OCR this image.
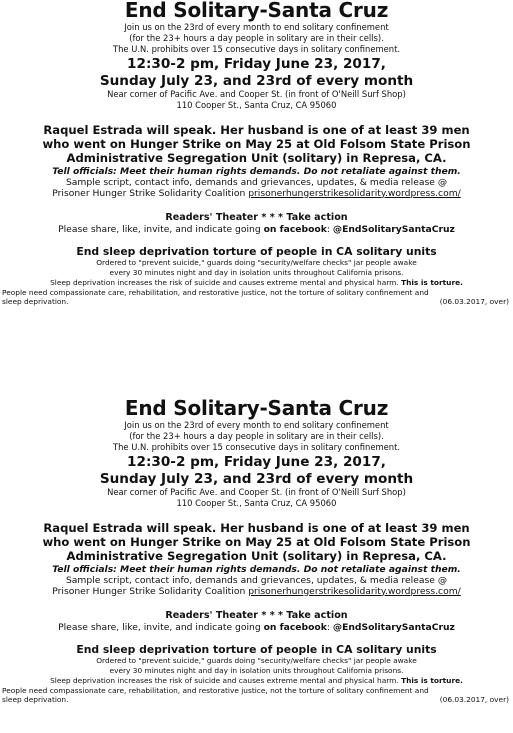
End Solitary-Santa Cruz

Join us on the 23rd of every month to end solitary confinement

(for the 23+ hours a day people in solitary are in their cells).

The U.N. prohibits over 15 consecutive days in solitary confinement.

12:30-2 pm, Friday June 23, 2017,

Sunday July 23, and 23rd of every month

Near corner of Pacific Ave. and Cooper St. (in front of O'Neill Surf Shop)

110 Cooper St., Santa Cruz, CA 95060

Raquel Estrada will speak. Her husband is one of at least 39 men

who went on Hunger Strike on May 25 at Old Folsom State Prison

Administrative Segregation Unit (solitary) in Represa, CA.

Tell officials: Meet their human rights demands. Do not retaliate against them.

Sample script, contact info, demands and grievances, updates, & media release @

Prisoner Hunger Strike Solidarity Coalition prisonerhungerstrikesolidarity.wordpress.com/

Readers' Theater * * * Take action

Please share, like, invite, and indicate going on facebook: @EndSolitarySantaCruz

End sleep deprivation torture of people in CA solitary units

Ordered to "prevent suicide," guards doing "security/welfare checks" jar people awake

every 30 minutes night and day in isolation units throughout California prisons.

Sleep deprivation increases the risk of suicide and causes extreme mental and physical harm. This is torture.

People need compassionate care, rehabilitation, and restorative justice, not the torture of solitary confinement and

sleep deprivation.	(06.03.2017, over)

End Solitary-Santa Cruz

Join us on the 23rd of every month to end solitary confinement

(for the 23+ hours a day people in solitary are in their cells).

The U.N. prohibits over 15 consecutive days in solitary confinement.

12:30-2 pm, Friday June 23, 2017,

Sunday July 23, and 23rd of every month

Near corner of Pacific Ave. and Cooper St. (in front of O'Neill Surf Shop)

110 Cooper St., Santa Cruz, CA 95060

Raquel Estrada will speak. Her husband is one of at least 39 men

who went on Hunger Strike on May 25 at Old Folsom State Prison

Administrative Segregation Unit (solitary) in Represa, CA.

Tell officials: Meet their human rights demands. Do not retaliate against them.

Sample script, contact info, demands and grievances, updates, & media release @

Prisoner Hunger Strike Solidarity Coalition prisonerhungerstrikesolidarity.wordpress.com/

Readers' Theater * * * Take action

Please share, like, invite, and indicate going on facebook: @EndSolitarySantaCruz

End sleep deprivation torture of people in CA solitary units

Ordered to "prevent suicide," guards doing "security/welfare checks" jar people awake

every 30 minutes night and day in isolation units throughout California prisons.

Sleep deprivation increases the risk of suicide and causes extreme mental and physical harm. This is torture.

People need compassionate care, rehabilitation, and restorative justice, not the torture of solitary confinement and

sleep deprivation.	(06.03.2017, over)
